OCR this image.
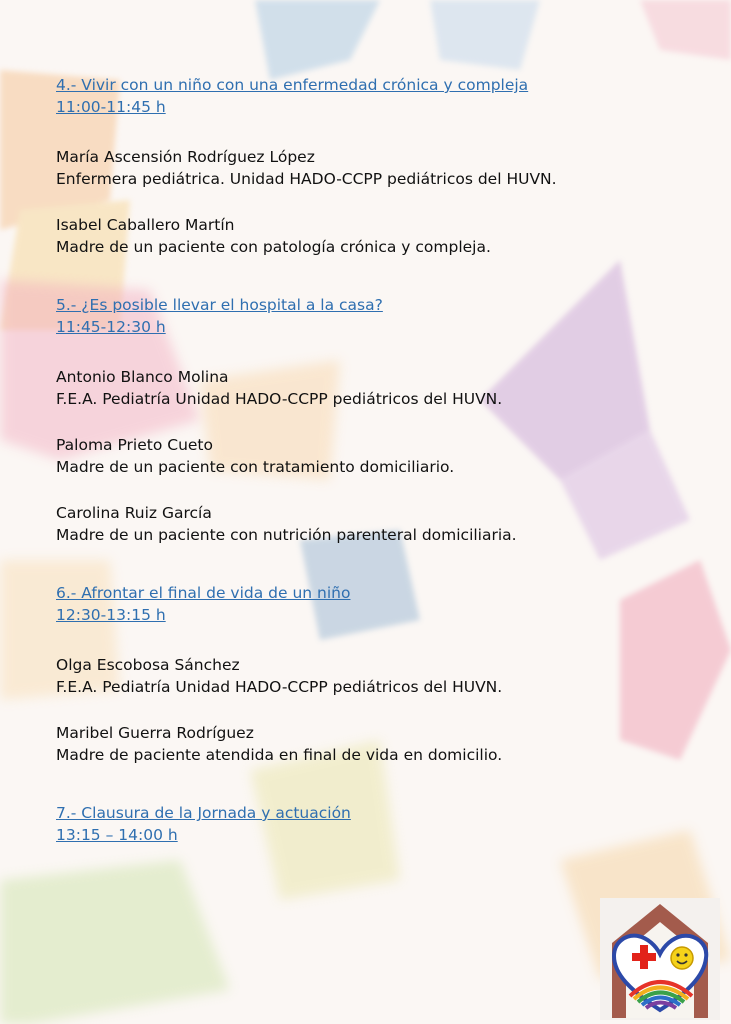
4.- Vivir con un niño con una enfermedad crónica y compleja
11:00-11:45 h
María Ascensión Rodríguez López
Enfermera pediátrica. Unidad HADO-CCPP pediátricos del HUVN.
Isabel Caballero Martín
Madre de un paciente con patología crónica y compleja.
5.- ¿Es posible llevar el hospital a la casa?
11:45-12:30 h
Antonio Blanco Molina
F.E.A. Pediatría Unidad HADO-CCPP pediátricos del HUVN.
Paloma Prieto Cueto
Madre de un paciente con tratamiento domiciliario.
Carolina Ruiz García
Madre de un paciente con nutrición parenteral domiciliaria.
6.- Afrontar el final de vida de un niño
12:30-13:15 h
Olga Escobosa Sánchez
F.E.A. Pediatría Unidad HADO-CCPP pediátricos del HUVN.
Maribel Guerra Rodríguez
Madre de paciente atendida en final de vida en domicilio.
7.- Clausura de la Jornada y actuación
13:15 – 14:00 h
